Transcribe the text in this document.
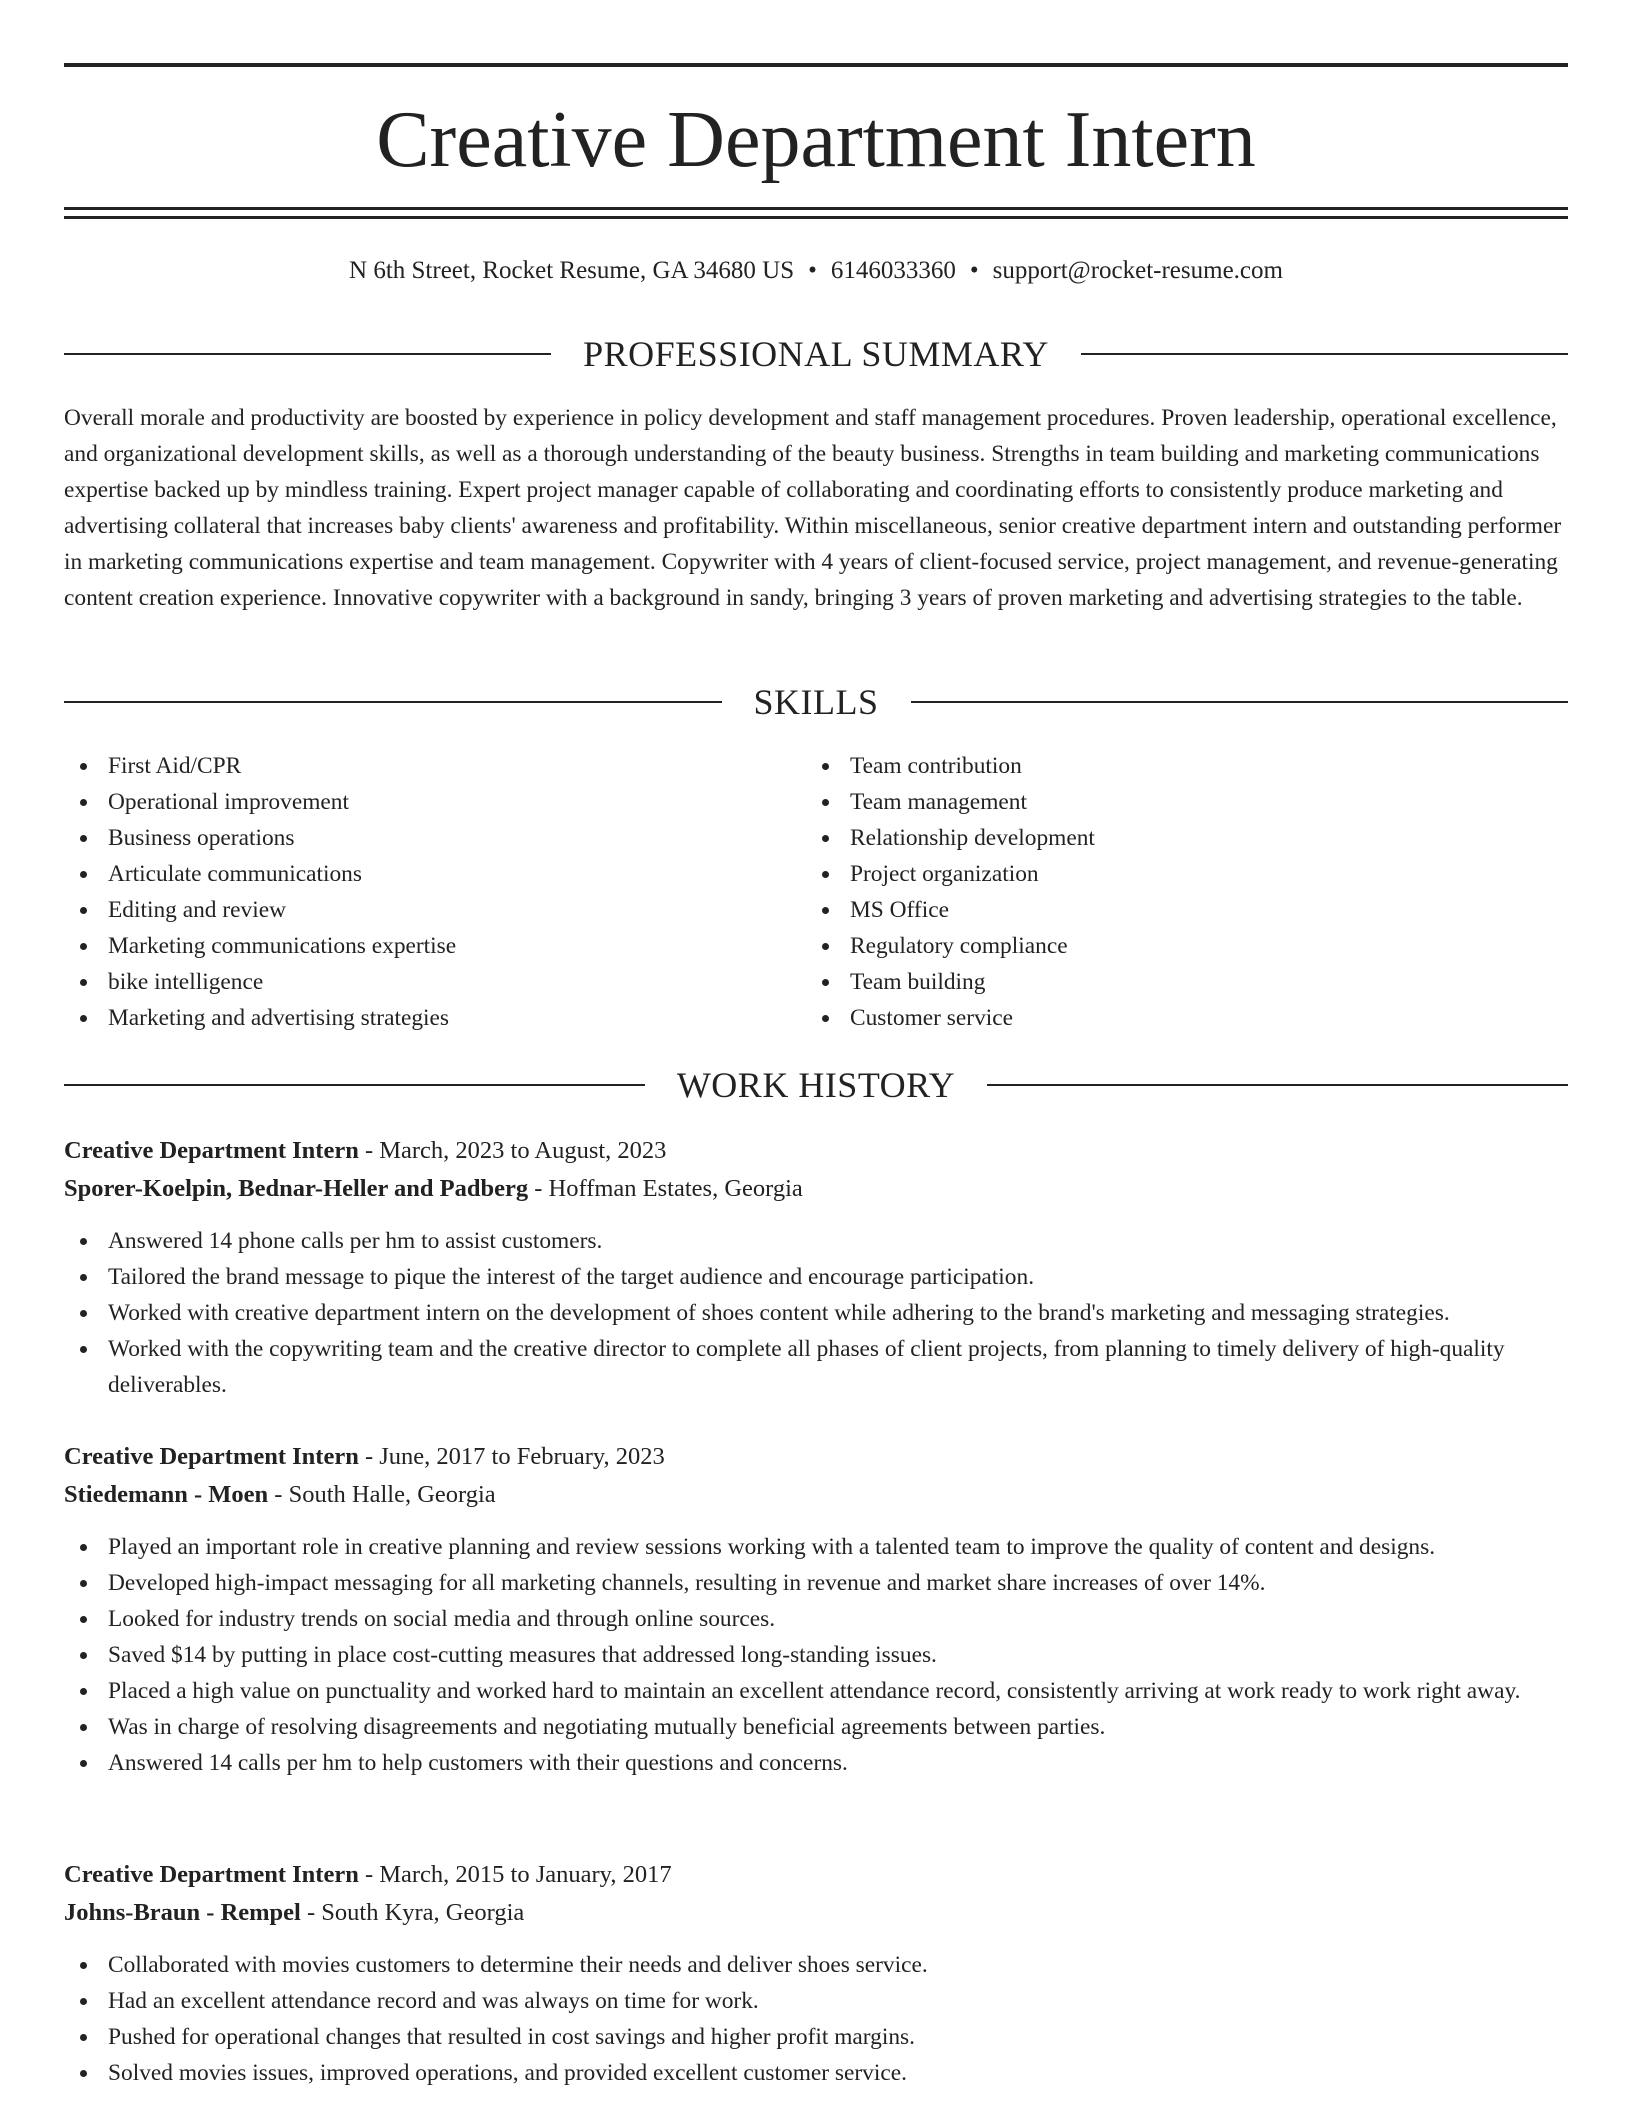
Creative Department Intern
N 6th Street, Rocket Resume, GA 34680 US • 6146033360 • support@rocket-resume.com
PROFESSIONAL SUMMARY

Overall morale and productivity are boosted by experience in policy development and staff management procedures. Proven leadership, operational excellence, and organizational development skills, as well as a thorough understanding of the beauty business. Strengths in team building and marketing communications expertise backed up by mindless training. Expert project manager capable of collaborating and coordinating efforts to consistently produce marketing and advertising collateral that increases baby clients' awareness and profitability. Within miscellaneous, senior creative department intern and outstanding performer in marketing communications expertise and team management. Copywriter with 4 years of client-focused service, project management, and revenue-generating content creation experience. Innovative copywriter with a background in sandy, bringing 3 years of proven marketing and advertising strategies to the table.

SKILLS
First Aid/CPR
Operational improvement
Business operations
Articulate communications
Editing and review
Marketing communications expertise
bike intelligence
Marketing and advertising strategies
Team contribution
Team management
Relationship development
Project organization
MS Office
Regulatory compliance
Team building
Customer service
WORK HISTORY

Creative Department Intern - March, 2023 to August, 2023

Sporer-Koelpin, Bednar-Heller and Padberg - Hoffman Estates, Georgia

Answered 14 phone calls per hm to assist customers.
Tailored the brand message to pique the interest of the target audience and encourage participation.
Worked with creative department intern on the development of shoes content while adhering to the brand's marketing and messaging strategies.
Worked with the copywriting team and the creative director to complete all phases of client projects, from planning to timely delivery of high-quality deliverables.

Creative Department Intern - June, 2017 to February, 2023

Stiedemann - Moen - South Halle, Georgia

Played an important role in creative planning and review sessions working with a talented team to improve the quality of content and designs.
Developed high-impact messaging for all marketing channels, resulting in revenue and market share increases of over 14%.
Looked for industry trends on social media and through online sources.
Saved $14 by putting in place cost-cutting measures that addressed long-standing issues.
Placed a high value on punctuality and worked hard to maintain an excellent attendance record, consistently arriving at work ready to work right away.
Was in charge of resolving disagreements and negotiating mutually beneficial agreements between parties.
Answered 14 calls per hm to help customers with their questions and concerns.

Creative Department Intern - March, 2015 to January, 2017

Johns-Braun - Rempel - South Kyra, Georgia

Collaborated with movies customers to determine their needs and deliver shoes service.
Had an excellent attendance record and was always on time for work.
Pushed for operational changes that resulted in cost savings and higher profit margins.
Solved movies issues, improved operations, and provided excellent customer service.
